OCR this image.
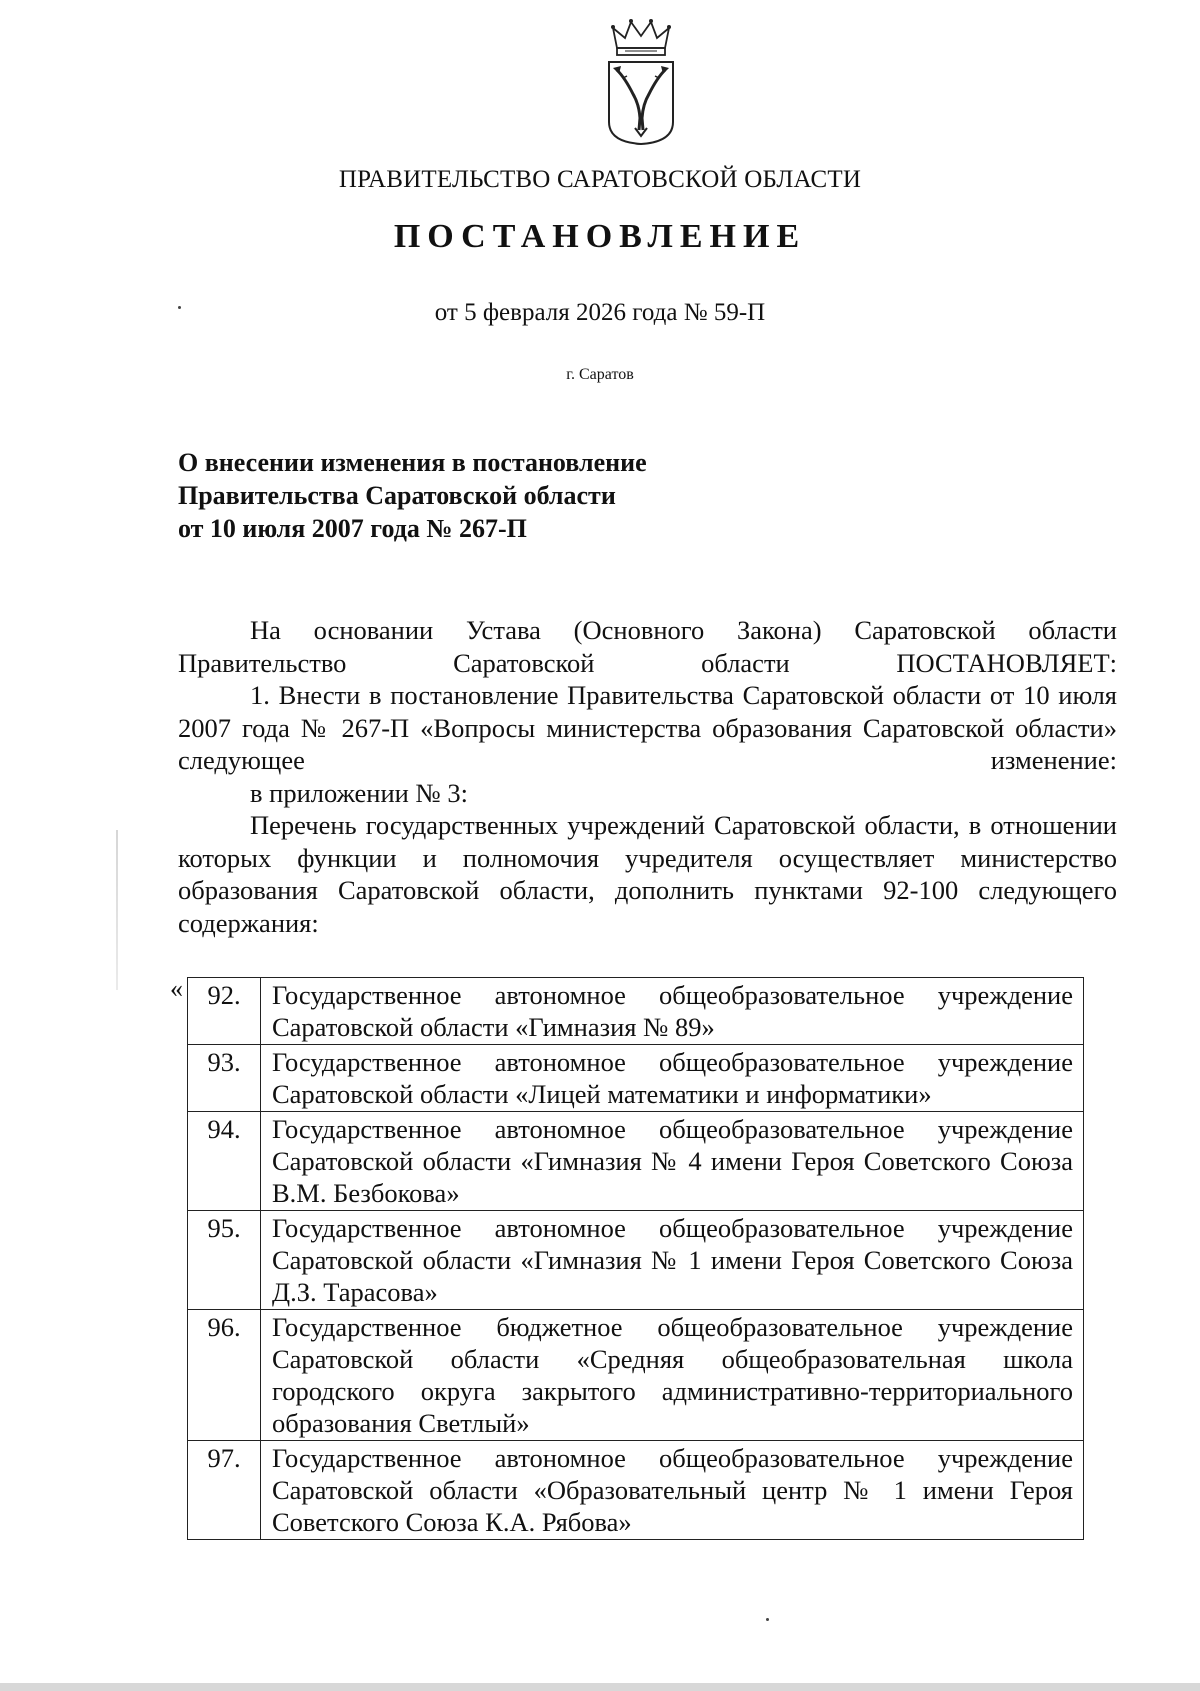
ПРАВИТЕЛЬСТВО САРАТОВСКОЙ ОБЛАСТИ
ПОСТАНОВЛЕНИЕ
от 5 февраля 2026 года № 59-П
г. Саратов
О внесении изменения в постановление
Правительства Саратовской области
от 10 июля 2007 года № 267-П

На основании Устава (Основного Закона) Саратовской области Правительство Саратовской области ПОСТАНОВЛЯЕТ:

1. Внести в постановление Правительства Саратовской области от 10 июля 2007 года № 267-П «Вопросы министерства образования Саратовской области» следующее изменение:

в приложении № 3:

Перечень государственных учреждений Саратовской области, в отношении которых функции и полномочия учредителя осуществляет министерство образования Саратовской области, дополнить пунктами 92-100 следующего содержания:

« 92.	Государственное автономное общеобразовательное учреждение Саратовской области «Гимназия № 89»
93.	Государственное автономное общеобразовательное учреждение Саратовской области «Лицей математики и информатики»
94.	Государственное автономное общеобразовательное учреждение Саратовской области «Гимназия № 4 имени Героя Советского Союза В.М. Безбокова»
95.	Государственное автономное общеобразовательное учреждение Саратовской области «Гимназия № 1 имени Героя Советского Союза Д.З. Тарасова»
96.	Государственное бюджетное общеобразовательное учреждение Саратовской области «Средняя общеобразовательная школа городского округа закрытого административно-территориального образования Светлый»
97.	Государственное автономное общеобразовательное учреждение Саратовской области «Образовательный центр № 1 имени Героя Советского Союза К.А. Рябова»
